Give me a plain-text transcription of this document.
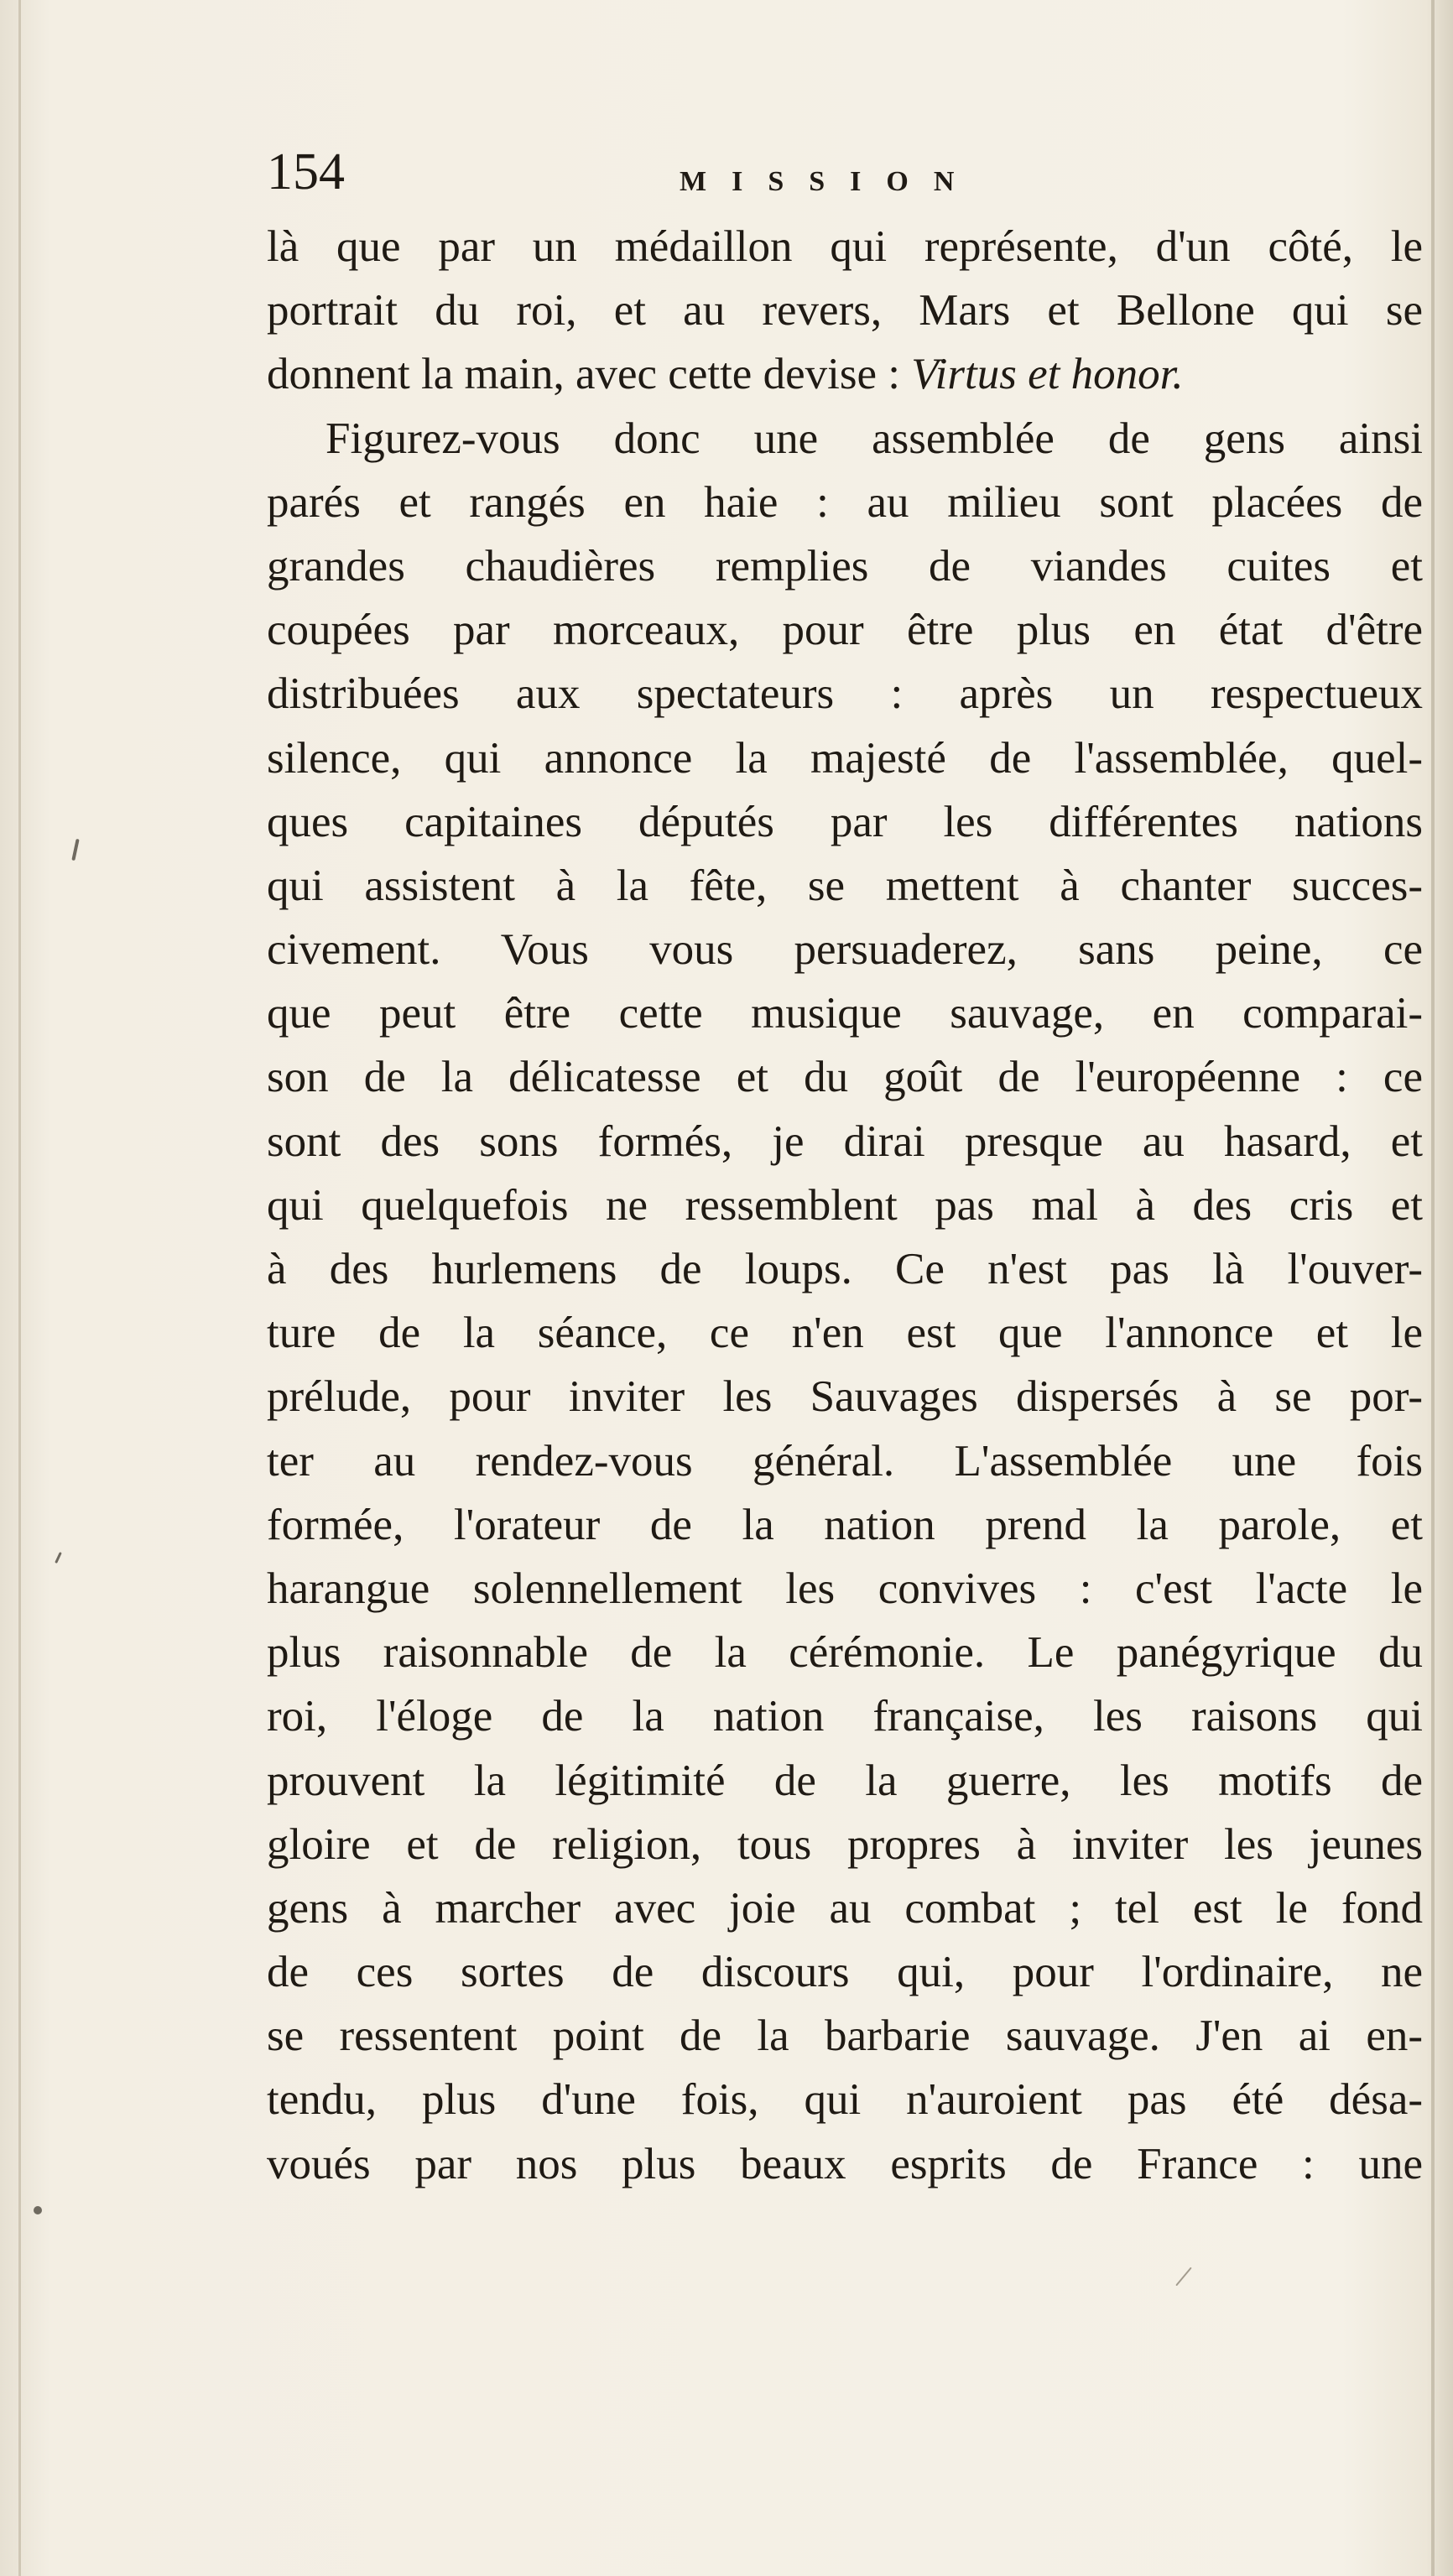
154	MISSION
là que par un médaillon qui représente, d'un côté, le
portrait du roi, et au revers, Mars et Bellone qui se
donnent la main, avec cette devise : Virtus et honor.
Figurez-vous donc une assemblée de gens ainsi
parés et rangés en haie : au milieu sont placées de
grandes chaudières remplies de viandes cuites et
coupées par morceaux, pour être plus en état d'être
distribuées aux spectateurs : après un respectueux
silence, qui annonce la majesté de l'assemblée, quel-
ques capitaines députés par les différentes nations
qui assistent à la fête, se mettent à chanter succes-
civement. Vous vous persuaderez, sans peine, ce
que peut être cette musique sauvage, en comparai-
son de la délicatesse et du goût de l'européenne : ce
sont des sons formés, je dirai presque au hasard, et
qui quelquefois ne ressemblent pas mal à des cris et
à des hurlemens de loups. Ce n'est pas là l'ouver-
ture de la séance, ce n'en est que l'annonce et le
prélude, pour inviter les Sauvages dispersés à se por-
ter au rendez-vous général. L'assemblée une fois
formée, l'orateur de la nation prend la parole, et
harangue solennellement les convives : c'est l'acte le
plus raisonnable de la cérémonie. Le panégyrique du
roi, l'éloge de la nation française, les raisons qui
prouvent la légitimité de la guerre, les motifs de
gloire et de religion, tous propres à inviter les jeunes
gens à marcher avec joie au combat ; tel est le fond
de ces sortes de discours qui, pour l'ordinaire, ne
se ressentent point de la barbarie sauvage. J'en ai en-
tendu, plus d'une fois, qui n'auroient pas été désa-
voués par nos plus beaux esprits de France : une
